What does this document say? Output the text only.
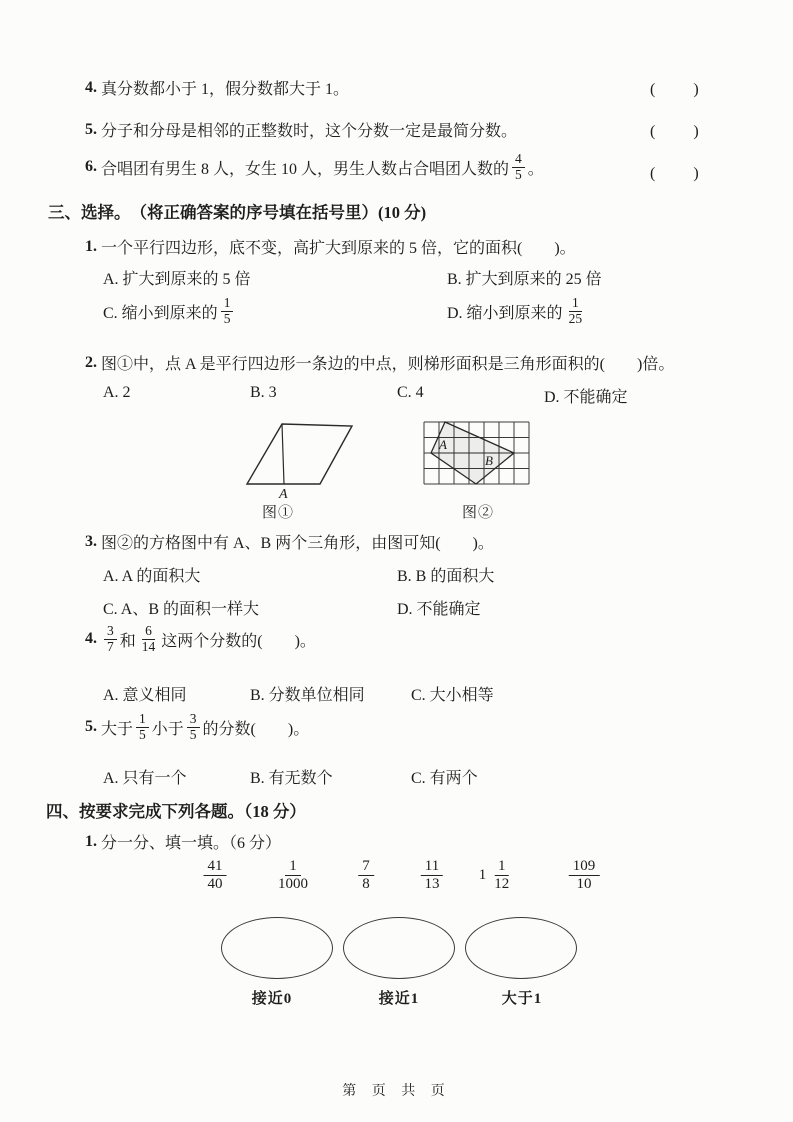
4. 真分数都小于 1，假分数都大于 1。	(　　)
5. 分子和分母是相邻的正整数时，这个分数一定是最简分数。	(　　)
6. 合唱团有男生 8 人，女生 10 人，男生人数占合唱团人数的 $\frac{4}{5}$ 。	(　　)
三、选择。 （将正确答案的序号填在括号里）(10 分)
1. 一个平行四边形，底不变，高扩大到原来的 5 倍，它的面积(　　)。
A. 扩大到原来的 5 倍	B. 扩大到原来的 25 倍
C. 缩小到原来的 $\frac{1}{5}$	D. 缩小到原来的 $\frac{1}{25}$
2. 图①中，点 A 是平行四边形一条边的中点，则梯形面积是三角形面积的(　　)倍。
A. 2	B. 3	C. 4	D. 不能确定
A
图①
A
B
图②
3. 图②的方格图中有 A、B 两个三角形，由图可知(　　)。
A. A 的面积大	B. B 的面积大
C. A、B 的面积一样大	D. 不能确定
4. $\frac{3}{7}$ 和 $\frac{6}{14}$ 这两个分数的(　　)。
A. 意义相同	B. 分数单位相同	C. 大小相等
5. 大于 $\frac{1}{5}$ 小于 $\frac{3}{5}$ 的分数(　　)。
A. 只有一个	B. 有无数个	C. 有两个
四、按要求完成下列各题。（18 分）
1. 分一分、填一填。（6 分）
$\frac{41}{40}$	$\frac{1}{1000}$	$\frac{7}{8}$	$\frac{11}{13} 1 \frac{1}{12}$	$\frac{109}{10}$
接近0	接近1	大于1
第 页 共 页
